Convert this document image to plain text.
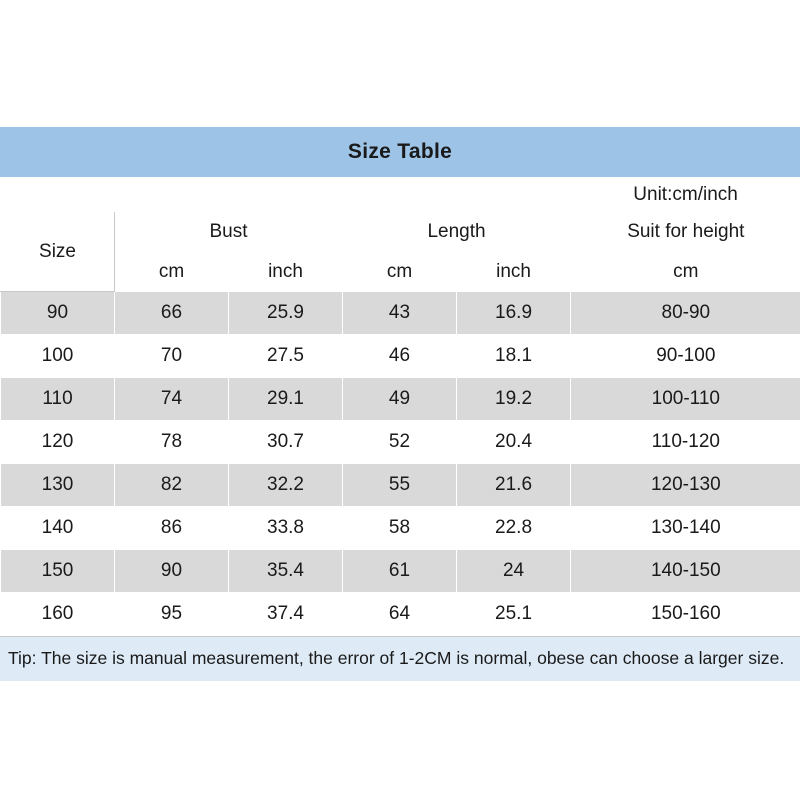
Size Table
					Unit:cm/inch
Size	Bust		Length		Suit for height
	cm	inch	cm	inch	cm
90	66	25.9	43	16.9	80-90
100	70	27.5	46	18.1	90-100
110	74	29.1	49	19.2	100-110
120	78	30.7	52	20.4	110-120
130	82	32.2	55	21.6	120-130
140	86	33.8	58	22.8	130-140
150	90	35.4	61	24	140-150
160	95	37.4	64	25.1	150-160
Tip: The size is manual measurement, the error of 1-2CM is normal, obese can choose a larger size.
